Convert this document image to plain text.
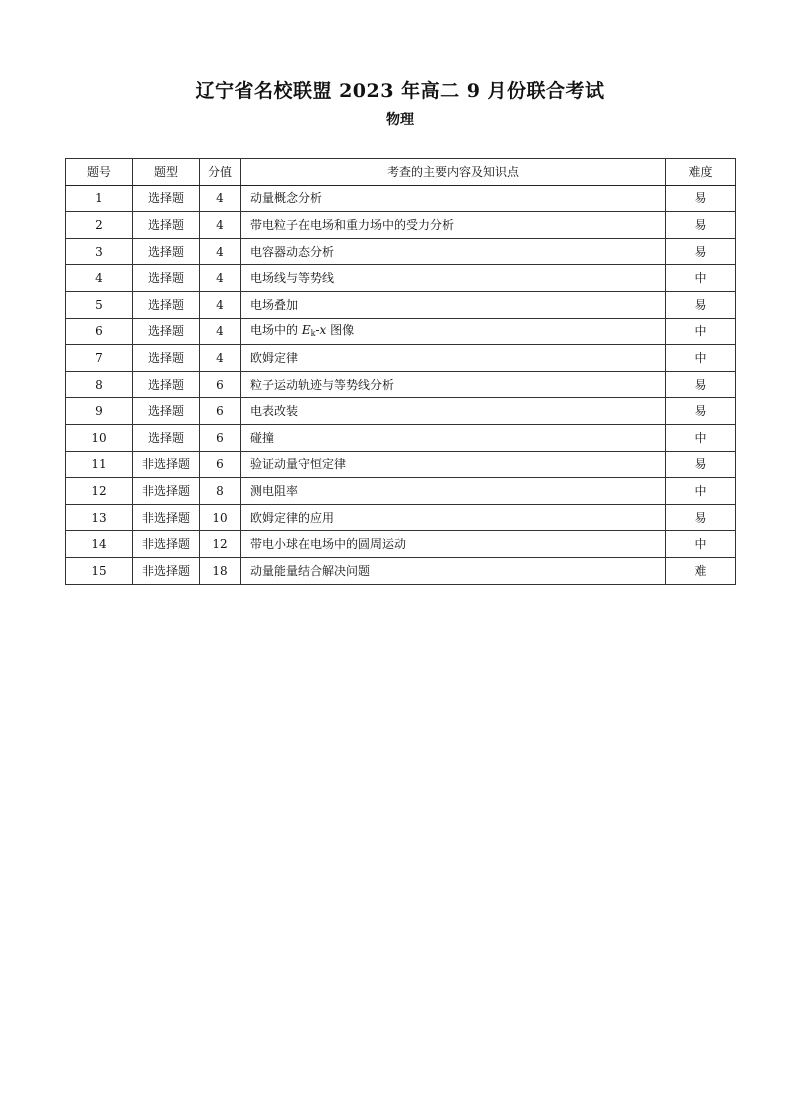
辽宁省名校联盟 2023 年高二 9 月份联合考试
物理
题号	题型	分值	考查的主要内容及知识点	难度
1	选择题	4	动量概念分析	易
2	选择题	4	带电粒子在电场和重力场中的受力分析	易
3	选择题	4	电容器动态分析	易
4	选择题	4	电场线与等势线	中
5	选择题	4	电场叠加	易
6	选择题	4	电场中的 $E_k-x$ 图像	中
7	选择题	4	欧姆定律	中
8	选择题	6	粒子运动轨迹与等势线分析	易
9	选择题	6	电表改装	易
10	选择题	6	碰撞	中
11	非选择题	6	验证动量守恒定律	易
12	非选择题	8	测电阻率	中
13	非选择题	10	欧姆定律的应用	易
14	非选择题	12	带电小球在电场中的圆周运动	中
15	非选择题	18	动量能量结合解决问题	难
